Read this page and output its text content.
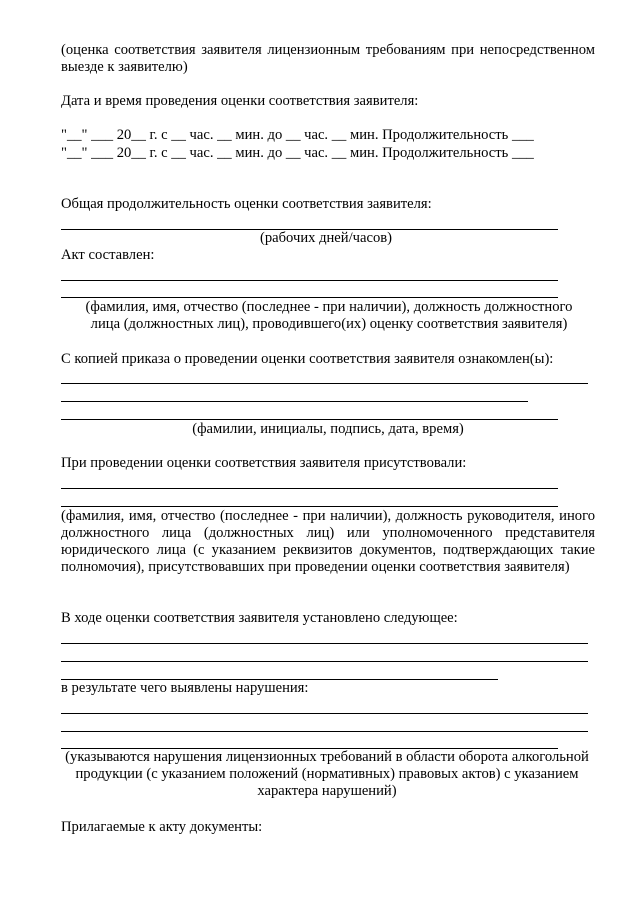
(оценка соответствия заявителя лицензионным требованиям при непосредственном выезде к заявителю)
Дата и время проведения оценки соответствия заявителя:
"__" ___ 20__ г. с __ час. __ мин. до __ час. __ мин. Продолжительность ___
"__" ___ 20__ г. с __ час. __ мин. до __ час. __ мин. Продолжительность ___
Общая продолжительность оценки соответствия заявителя:
(рабочих дней/часов)
Акт составлен:
(фамилия, имя, отчество (последнее - при наличии), должность должностного лица (должностных лиц), проводившего(их) оценку соответствия заявителя)
С копией приказа о проведении оценки соответствия заявителя ознакомлен(ы):
(фамилии, инициалы, подпись, дата, время)
При проведении оценки соответствия заявителя присутствовали:
(фамилия, имя, отчество (последнее - при наличии), должность руководителя, иного должностного лица (должностных лиц) или уполномоченного представителя юридического лица (с указанием реквизитов документов, подтверждающих такие полномочия), присутствовавших при проведении оценки соответствия заявителя)
В ходе оценки соответствия заявителя установлено следующее:
в результате чего выявлены нарушения:
(указываются нарушения лицензионных требований в области оборота алкогольной продукции (с указанием положений (нормативных) правовых актов) с указанием характера нарушений)
Прилагаемые к акту документы:
